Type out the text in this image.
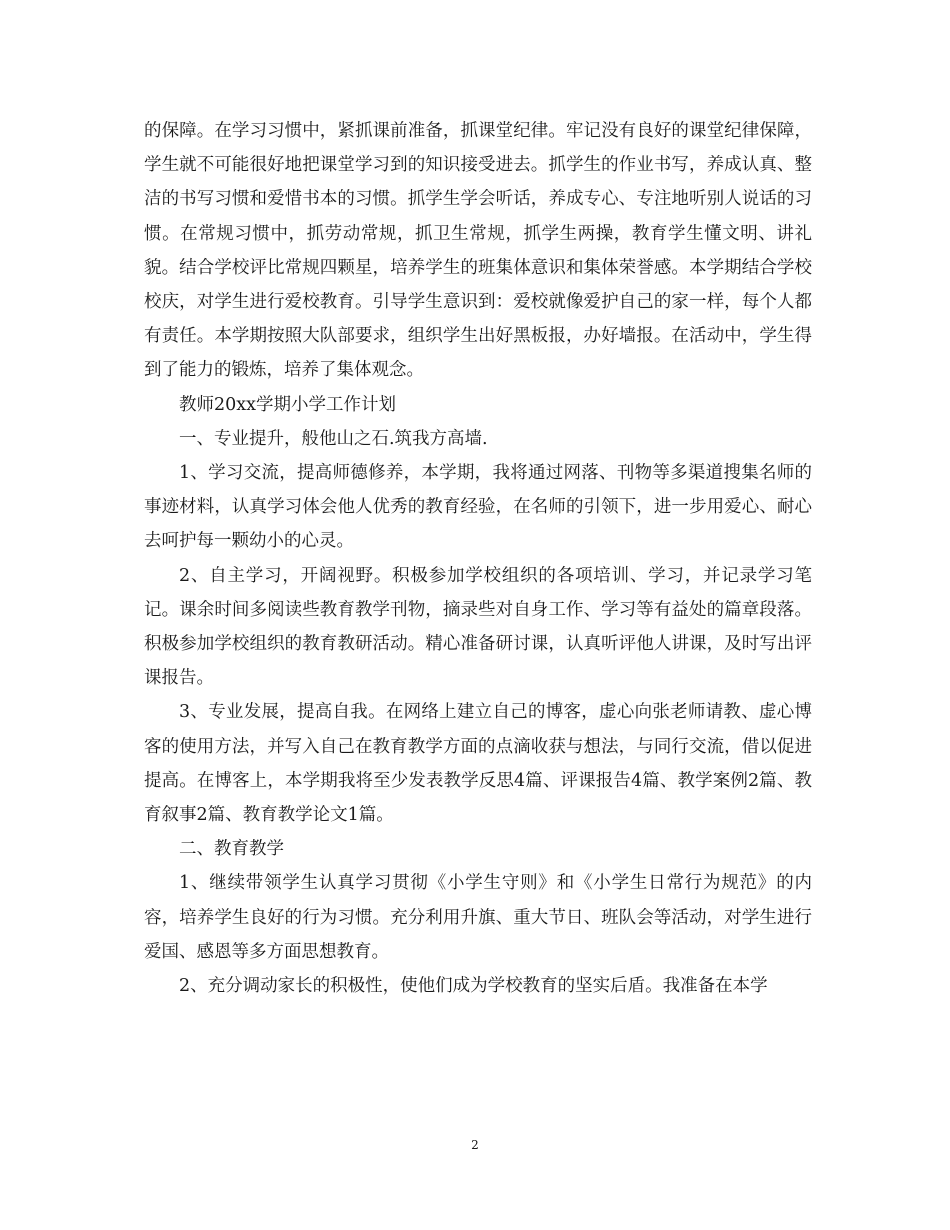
的保障。在学习习惯中，紧抓课前准备，抓课堂纪律。牢记没有良好的课堂纪律保障，学生就不可能很好地把课堂学习到的知识接受进去。抓学生的作业书写，养成认真、整洁的书写习惯和爱惜书本的习惯。抓学生学会听话，养成专心、专注地听别人说话的习惯。在常规习惯中，抓劳动常规，抓卫生常规，抓学生两操，教育学生懂文明、讲礼貌。结合学校评比常规四颗星，培养学生的班集体意识和集体荣誉感。本学期结合学校校庆，对学生进行爱校教育。引导学生意识到：爱校就像爱护自己的家一样，每个人都有责任。本学期按照大队部要求，组织学生出好黑板报，办好墙报。在活动中，学生得到了能力的锻炼，培养了集体观念。

教师20xx学期小学工作计划

一、专业提升，般他山之石.筑我方高墙.

1、学习交流，提高师德修养，本学期，我将通过网落、刊物等多渠道搜集名师的事迹材料，认真学习体会他人优秀的教育经验，在名师的引领下，进一步用爱心、耐心去呵护每一颗幼小的心灵。

2、自主学习，开阔视野。积极参加学校组织的各项培训、学习，并记录学习笔记。课余时间多阅读些教育教学刊物，摘录些对自身工作、学习等有益处的篇章段落。积极参加学校组织的教育教研活动。精心准备研讨课，认真听评他人讲课，及时写出评课报告。

3、专业发展，提高自我。在网络上建立自己的博客，虚心向张老师请教、虚心博客的使用方法，并写入自己在教育教学方面的点滴收获与想法，与同行交流，借以促进提高。在博客上，本学期我将至少发表教学反思4篇、评课报告4篇、教学案例2篇、教育叙事2篇、教育教学论文1篇。

二、教育教学

1、继续带领学生认真学习贯彻《小学生守则》和《小学生日常行为规范》的内容，培养学生良好的行为习惯。充分利用升旗、重大节日、班队会等活动，对学生进行爱国、感恩等多方面思想教育。

2、充分调动家长的积极性，使他们成为学校教育的坚实后盾。我准备在本学

2
